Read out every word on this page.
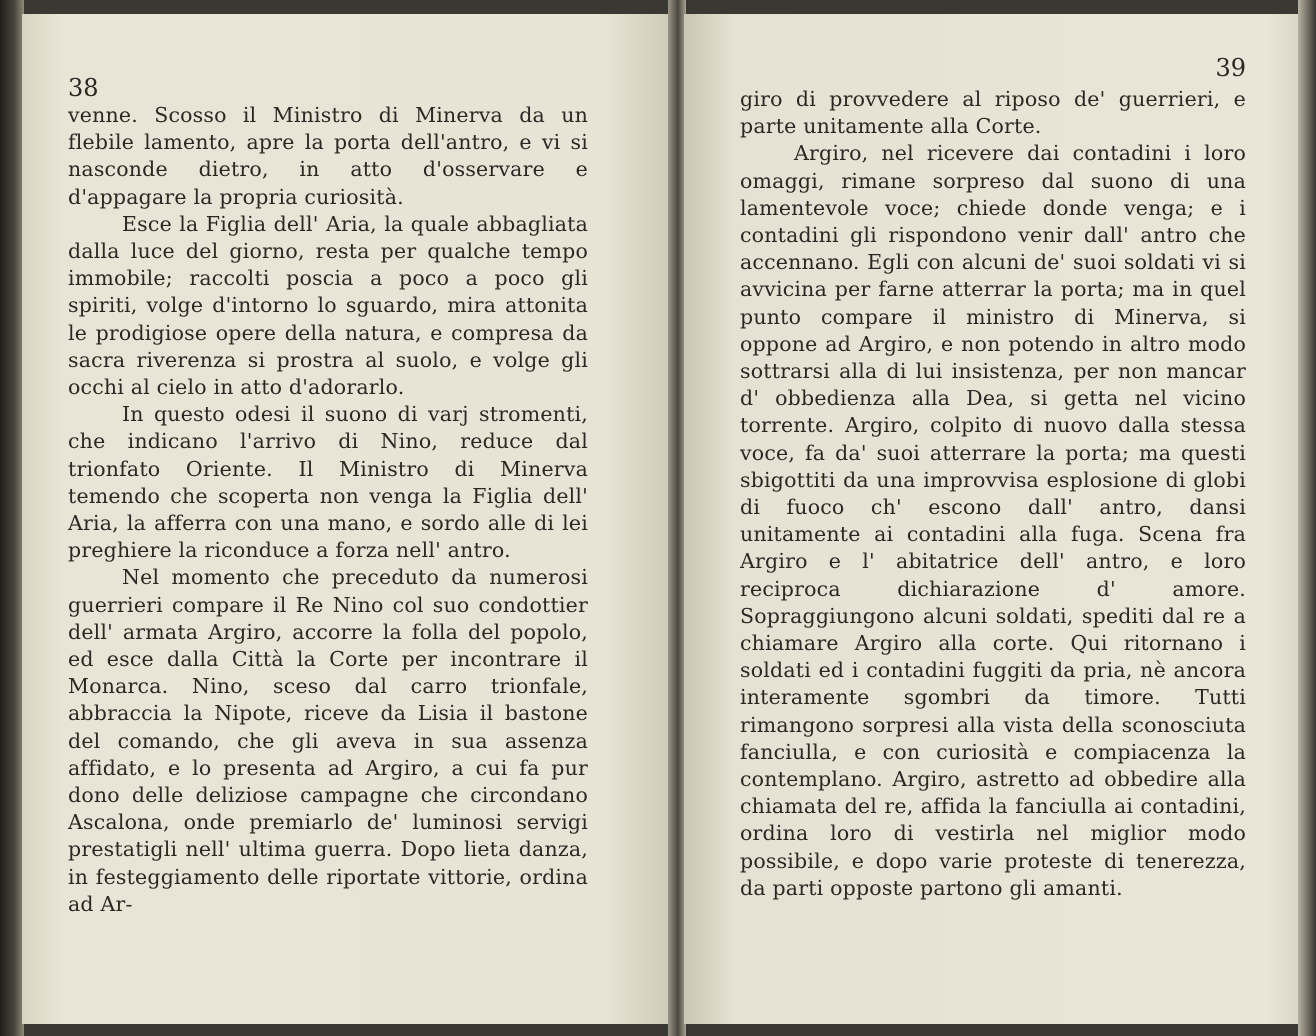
38

venne. Scosso il Ministro di Minerva da un flebile lamento, apre la porta dell'antro, e vi si nasconde dietro, in atto d'osservare e d'appagare la propria curiosità.

Esce la Figlia dell' Aria, la quale abbagliata dalla luce del giorno, resta per qualche tempo immobile; raccolti poscia a poco a poco gli spiriti, volge d'intorno lo sguardo, mira attonita le prodigiose opere della natura, e compresa da sacra riverenza si prostra al suolo, e volge gli occhi al cielo in atto d'adorarlo.

In questo odesi il suono di varj stromenti, che indicano l'arrivo di Nino, reduce dal trionfato Oriente. Il Ministro di Minerva temendo che scoperta non venga la Figlia dell' Aria, la afferra con una mano, e sordo alle di lei preghiere la riconduce a forza nell' antro.

Nel momento che preceduto da numerosi guerrieri compare il Re Nino col suo condottier dell' armata Argiro, accorre la folla del popolo, ed esce dalla Città la Corte per incontrare il Monarca. Nino, sceso dal carro trionfale, abbraccia la Nipote, riceve da Lisia il bastone del comando, che gli aveva in sua assenza affidato, e lo presenta ad Argiro, a cui fa pur dono delle deliziose campagne che circondano Ascalona, onde premiarlo de' luminosi servigi prestatigli nell' ultima guerra. Dopo lieta danza, in festeggiamento delle riportate vittorie, ordina ad Ar-

39

giro di provvedere al riposo de' guerrieri, e parte unitamente alla Corte.

Argiro, nel ricevere dai contadini i loro omaggi, rimane sorpreso dal suono di una lamentevole voce; chiede donde venga; e i contadini gli rispondono venir dall' antro che accennano. Egli con alcuni de' suoi soldati vi si avvicina per farne atterrar la porta; ma in quel punto compare il ministro di Minerva, si oppone ad Argiro, e non potendo in altro modo sottrarsi alla di lui insistenza, per non mancar d' obbedienza alla Dea, si getta nel vicino torrente. Argiro, colpito di nuovo dalla stessa voce, fa da' suoi atterrare la porta; ma questi sbigottiti da una improvvisa esplosione di globi di fuoco ch' escono dall' antro, dansi unitamente ai contadini alla fuga. Scena fra Argiro e l' abitatrice dell' antro, e loro reciproca dichiarazione d' amore. Sopraggiungono alcuni soldati, spediti dal re a chiamare Argiro alla corte. Qui ritornano i soldati ed i contadini fuggiti da pria, nè ancora interamente sgombri da timore. Tutti rimangono sorpresi alla vista della sconosciuta fanciulla, e con curiosità e compiacenza la contemplano. Argiro, astretto ad obbedire alla chiamata del re, affida la fanciulla ai contadini, ordina loro di vestirla nel miglior modo possibile, e dopo varie proteste di tenerezza, da parti opposte partono gli amanti.
